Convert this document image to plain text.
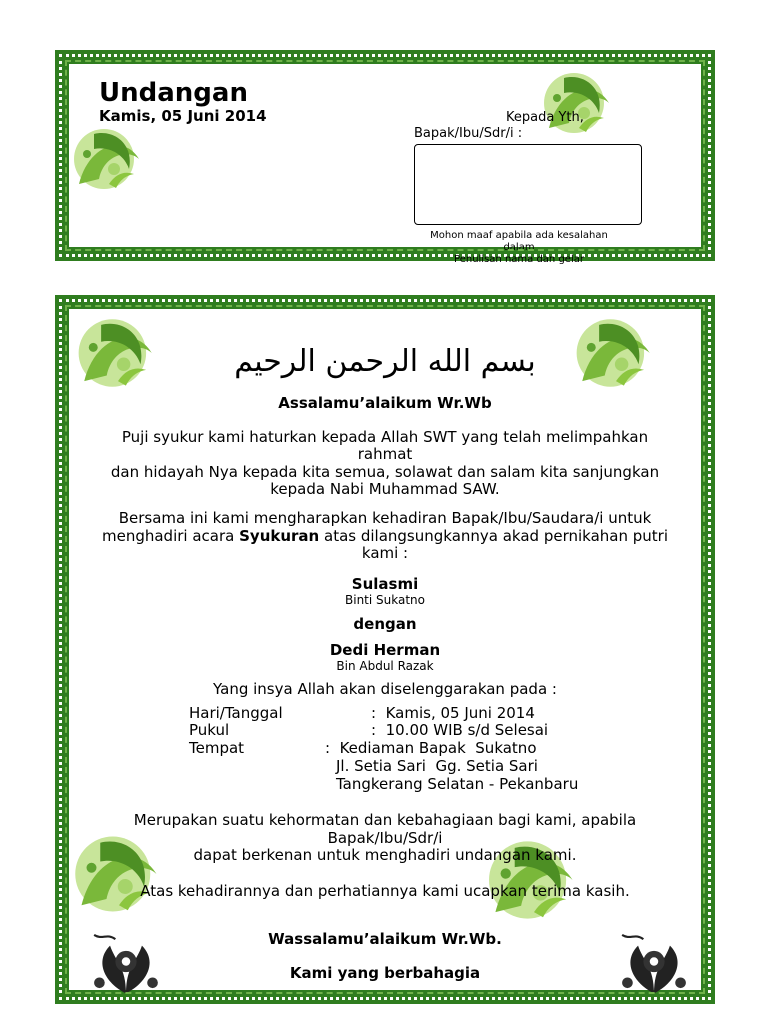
Undangan
Kamis, 05 Juni 2014	Kepada Yth,
Bapak/Ibu/Sdr/i :
Mohon maaf apabila ada kesalahan
dalam
Penulisan nama dan gelar
بسم الله الرحمن الرحيم
Assalamu’alaikum Wr.Wb
Puji syukur kami haturkan kepada Allah SWT yang telah melimpahkan
rahmat
dan hidayah Nya kepada kita semua, solawat dan salam kita sanjungkan
kepada Nabi Muhammad SAW.
Bersama ini kami mengharapkan kehadiran Bapak/Ibu/Saudara/i untuk
menghadiri acara Syukuran atas dilangsungkannya akad pernikahan putri
kami :
Sulasmi
Binti Sukatno
dengan
Dedi Herman
Bin Abdul Razak
Yang insya Allah akan diselenggarakan pada :
Hari/Tanggal	:  Kamis, 05 Juni 2014
Pukul	:  10.00 WIB s/d Selesai
Tempat	:  Kediaman Bapak  Sukatno
Jl. Setia Sari  Gg. Setia Sari
Tangkerang Selatan - Pekanbaru
Merupakan suatu kehormatan dan kebahagiaan bagi kami, apabila
Bapak/Ibu/Sdr/i
dapat berkenan untuk menghadiri undangan kami.
Atas kehadirannya dan perhatiannya kami ucapkan terima kasih.
Wassalamu’alaikum Wr.Wb.
Kami yang berbahagia
